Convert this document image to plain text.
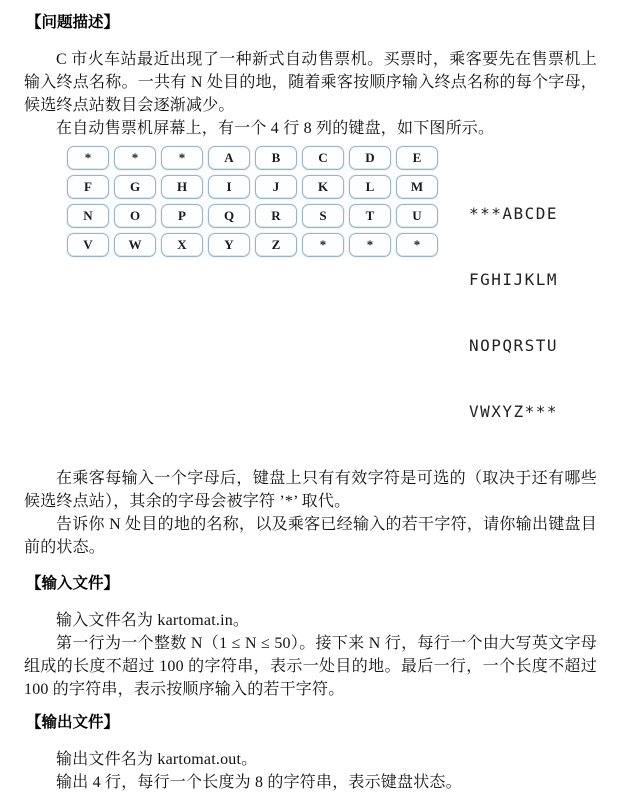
【问题描述】

C 市火车站最近出现了一种新式自动售票机。买票时，乘客要先在售票机上输入终点名称。一共有 N 处目的地，随着乘客按顺序输入终点名称的每个字母，候选终点站数目会逐渐减少。

在自动售票机屏幕上，有一个 4 行 8 列的键盘，如下图所示。

*	*	*	A	B	C	D	E
F	G	H	I	J	K	L	M
N	O	P	Q	R	S	T	U
V	W	X	Y	Z	*	*	*

***ABCDE

FGHIJKLM

NOPQRSTU

VWXYZ***

在乘客每输入一个字母后，键盘上只有有效字符是可选的（取决于还有哪些候选终点站），其余的字母会被字符 ’*’ 取代。

告诉你 N 处目的地的名称，以及乘客已经输入的若干字符，请你输出键盘目前的状态。

【输入文件】

输入文件名为 kartomat.in。

第一行为一个整数 N（1 ≤ N ≤ 50）。接下来 N 行，每行一个由大写英文字母组成的长度不超过 100 的字符串，表示一处目的地。最后一行，一个长度不超过 100 的字符串，表示按顺序输入的若干字符。

【输出文件】

输出文件名为 kartomat.out。

输出 4 行，每行一个长度为 8 的字符串，表示键盘状态。
